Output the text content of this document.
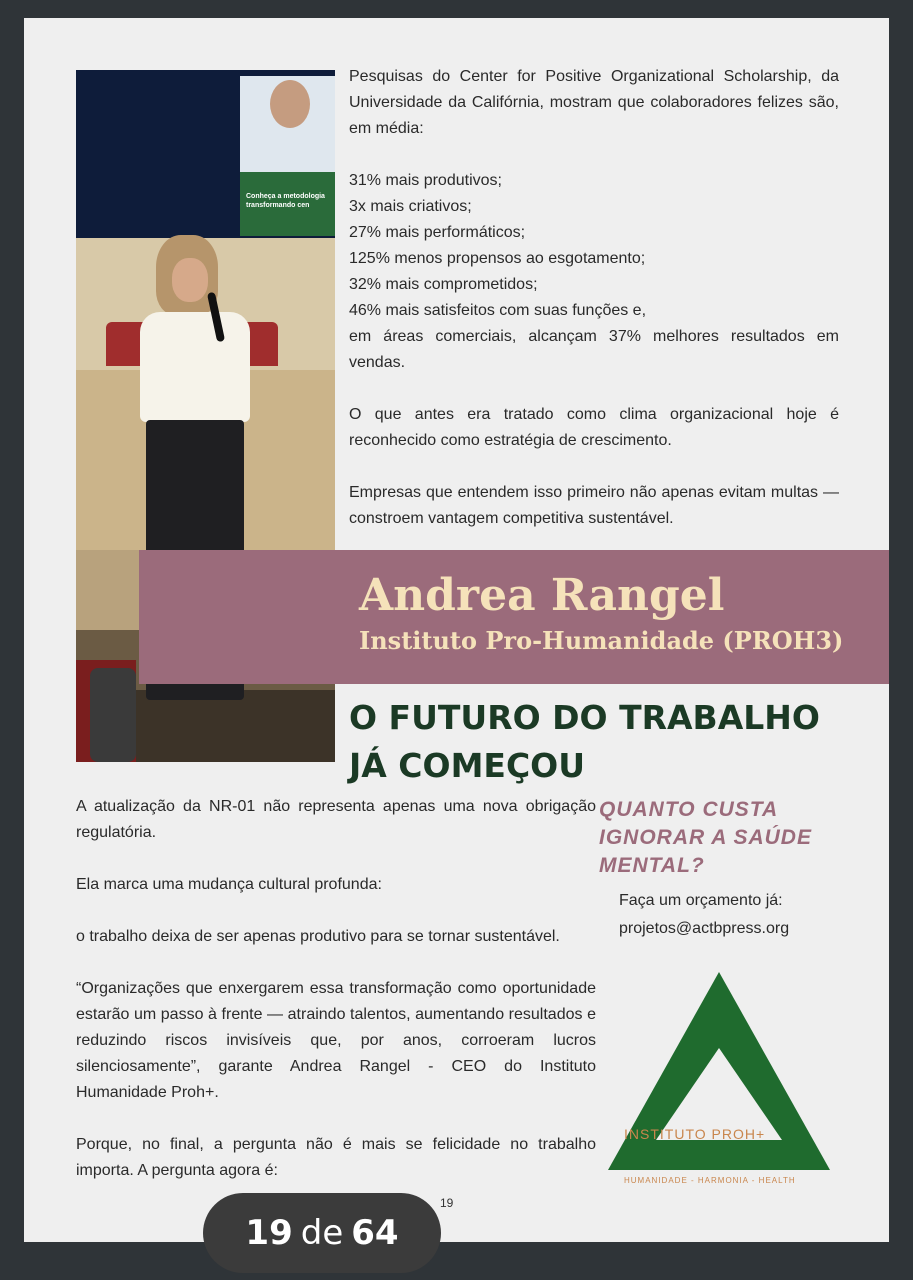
Conheça a metodologia transformando cen

Pesquisas do Center for Positive Organizational Scholarship, da Universidade da Califórnia, mostram que colaboradores felizes são, em média:

31% mais produtivos;
3x mais criativos;
27% mais performáticos;
125% menos propensos ao esgotamento;
32% mais comprometidos;
46% mais satisfeitos com suas funções e,
em áreas comerciais, alcançam 37% melhores resultados em vendas.

O que antes era tratado como clima organizacional hoje é reconhecido como estratégia de crescimento.

Empresas que entendem isso primeiro não apenas evitam multas — constroem vantagem competitiva sustentável.

Andrea Rangel
Instituto Pro-Humanidade (PROH3)
O FUTURO DO TRABALHO JÁ COMEÇOU

A atualização da NR-01 não representa apenas uma nova obrigação regulatória.

Ela marca uma mudança cultural profunda:

o trabalho deixa de ser apenas produtivo para se tornar sustentável.

“Organizações que enxergarem essa transformação como oportunidade estarão um passo à frente — atraindo talentos, aumentando resultados e reduzindo riscos invisíveis que, por anos, corroeram lucros silenciosamente”, garante Andrea Rangel - CEO do Instituto Humanidade Proh+.

Porque, no final, a pergunta não é mais se felicidade no trabalho importa. A pergunta agora é:

QUANTO CUSTA IGNORAR A SAÚDE MENTAL?

Faça um orçamento já:
projetos@actbpress.org
INSTITUTO PROH+
HUMANIDADE - HARMONIA - HEALTH
19
19 de 64
